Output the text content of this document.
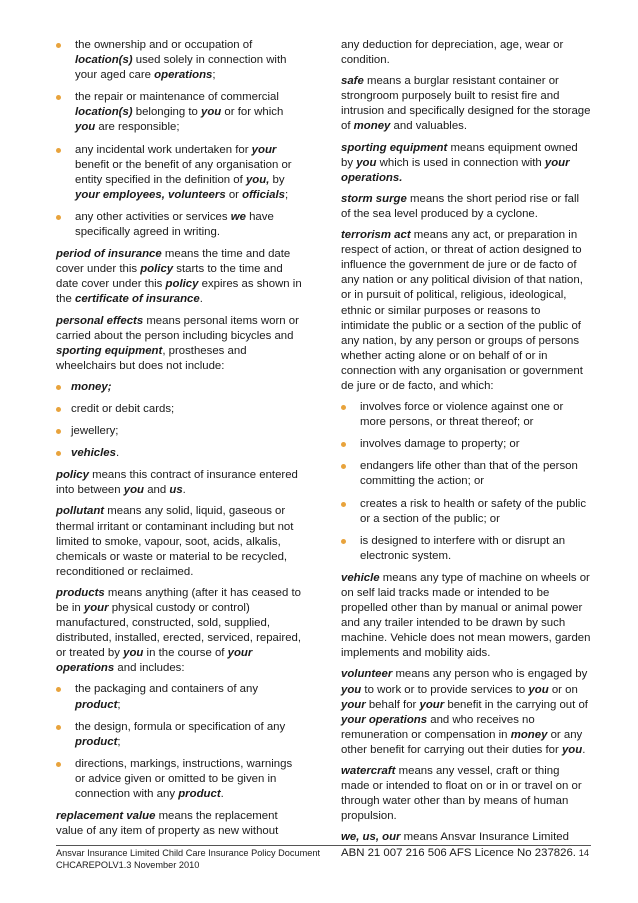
the ownership and or occupation of location(s) used solely in connection with your aged care operations;
the repair or maintenance of commercial location(s) belonging to you or for which you are responsible;
any incidental work undertaken for your benefit or the benefit of any organisation or entity specified in the definition of you, by your employees, volunteers or officials;
any other activities or services we have specifically agreed in writing.

period of insurance means the time and date cover under this policy starts to the time and date cover under this policy expires as shown in the certificate of insurance.

personal effects means personal items worn or carried about the person including bicycles and sporting equipment, prostheses and wheelchairs but does not include:

money;
credit or debit cards;
jewellery;
vehicles.

policy means this contract of insurance entered into between you and us.

pollutant means any solid, liquid, gaseous or thermal irritant or contaminant including but not limited to smoke, vapour, soot, acids, alkalis, chemicals or waste or material to be recycled, reconditioned or reclaimed.

products means anything (after it has ceased to be in your physical custody or control) manufactured, constructed, sold, supplied, distributed, installed, erected, serviced, repaired, or treated by you in the course of your operations and includes:

the packaging and containers of any product;
the design, formula or specification of any product;
directions, markings, instructions, warnings or advice given or omitted to be given in connection with any product.

replacement value means the replacement value of any item of property as new without

any deduction for depreciation, age, wear or condition.

safe means a burglar resistant container or strongroom purposely built to resist fire and intrusion and specifically designed for the storage of money and valuables.

sporting equipment means equipment owned by you which is used in connection with your operations.

storm surge means the short period rise or fall of the sea level produced by a cyclone.

terrorism act means any act, or preparation in respect of action, or threat of action designed to influence the government de jure or de facto of any nation or any political division of that nation, or in pursuit of political, religious, ideological, ethnic or similar purposes or reasons to intimidate the public or a section of the public of any nation, by any person or groups of persons whether acting alone or on behalf of or in connection with any organisation or government de jure or de facto, and which:

involves force or violence against one or more persons, or threat thereof; or
involves damage to property; or
endangers life other than that of the person committing the action; or
creates a risk to health or safety of the public or a section of the public; or
is designed to interfere with or disrupt an electronic system.

vehicle means any type of machine on wheels or on self laid tracks made or intended to be propelled other than by manual or animal power and any trailer intended to be drawn by such machine. Vehicle does not mean mowers, garden implements and mobility aids.

volunteer means any person who is engaged by you to work or to provide services to you or on your behalf for your benefit in the carrying out of your operations and who receives no remuneration or compensation in money or any other benefit for carrying out their duties for you.

watercraft means any vessel, craft or thing made or intended to float on or in or travel on or through water other than by means of human propulsion.

we, us, our means Ansvar Insurance Limited ABN 21 007 216 506 AFS Licence No 237826.

Ansvar Insurance Limited Child Care Insurance Policy Document
CHCAREPOLV1.3 November 2010
14
